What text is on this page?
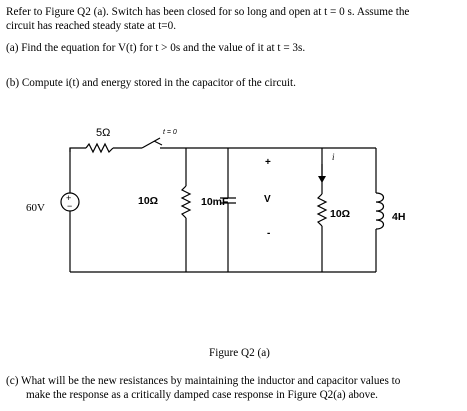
Refer to Figure Q2 (a). Switch has been closed for so long and open at t = 0 s. Assume the
circuit has reached steady state at t=0.
(a) Find the equation for V(t) for t > 0s and the value of it at t = 3s.
(b) Compute i(t) and energy stored in the capacitor of the circuit.
5Ω	t = 0
60V
+
−	10Ω	10mF
+
V
-
i
10Ω	4H
Figure Q2 (a)
(c) What will be the new resistances by maintaining the inductor and capacitor values to
make the response as a critically damped case response in Figure Q2(a) above.
